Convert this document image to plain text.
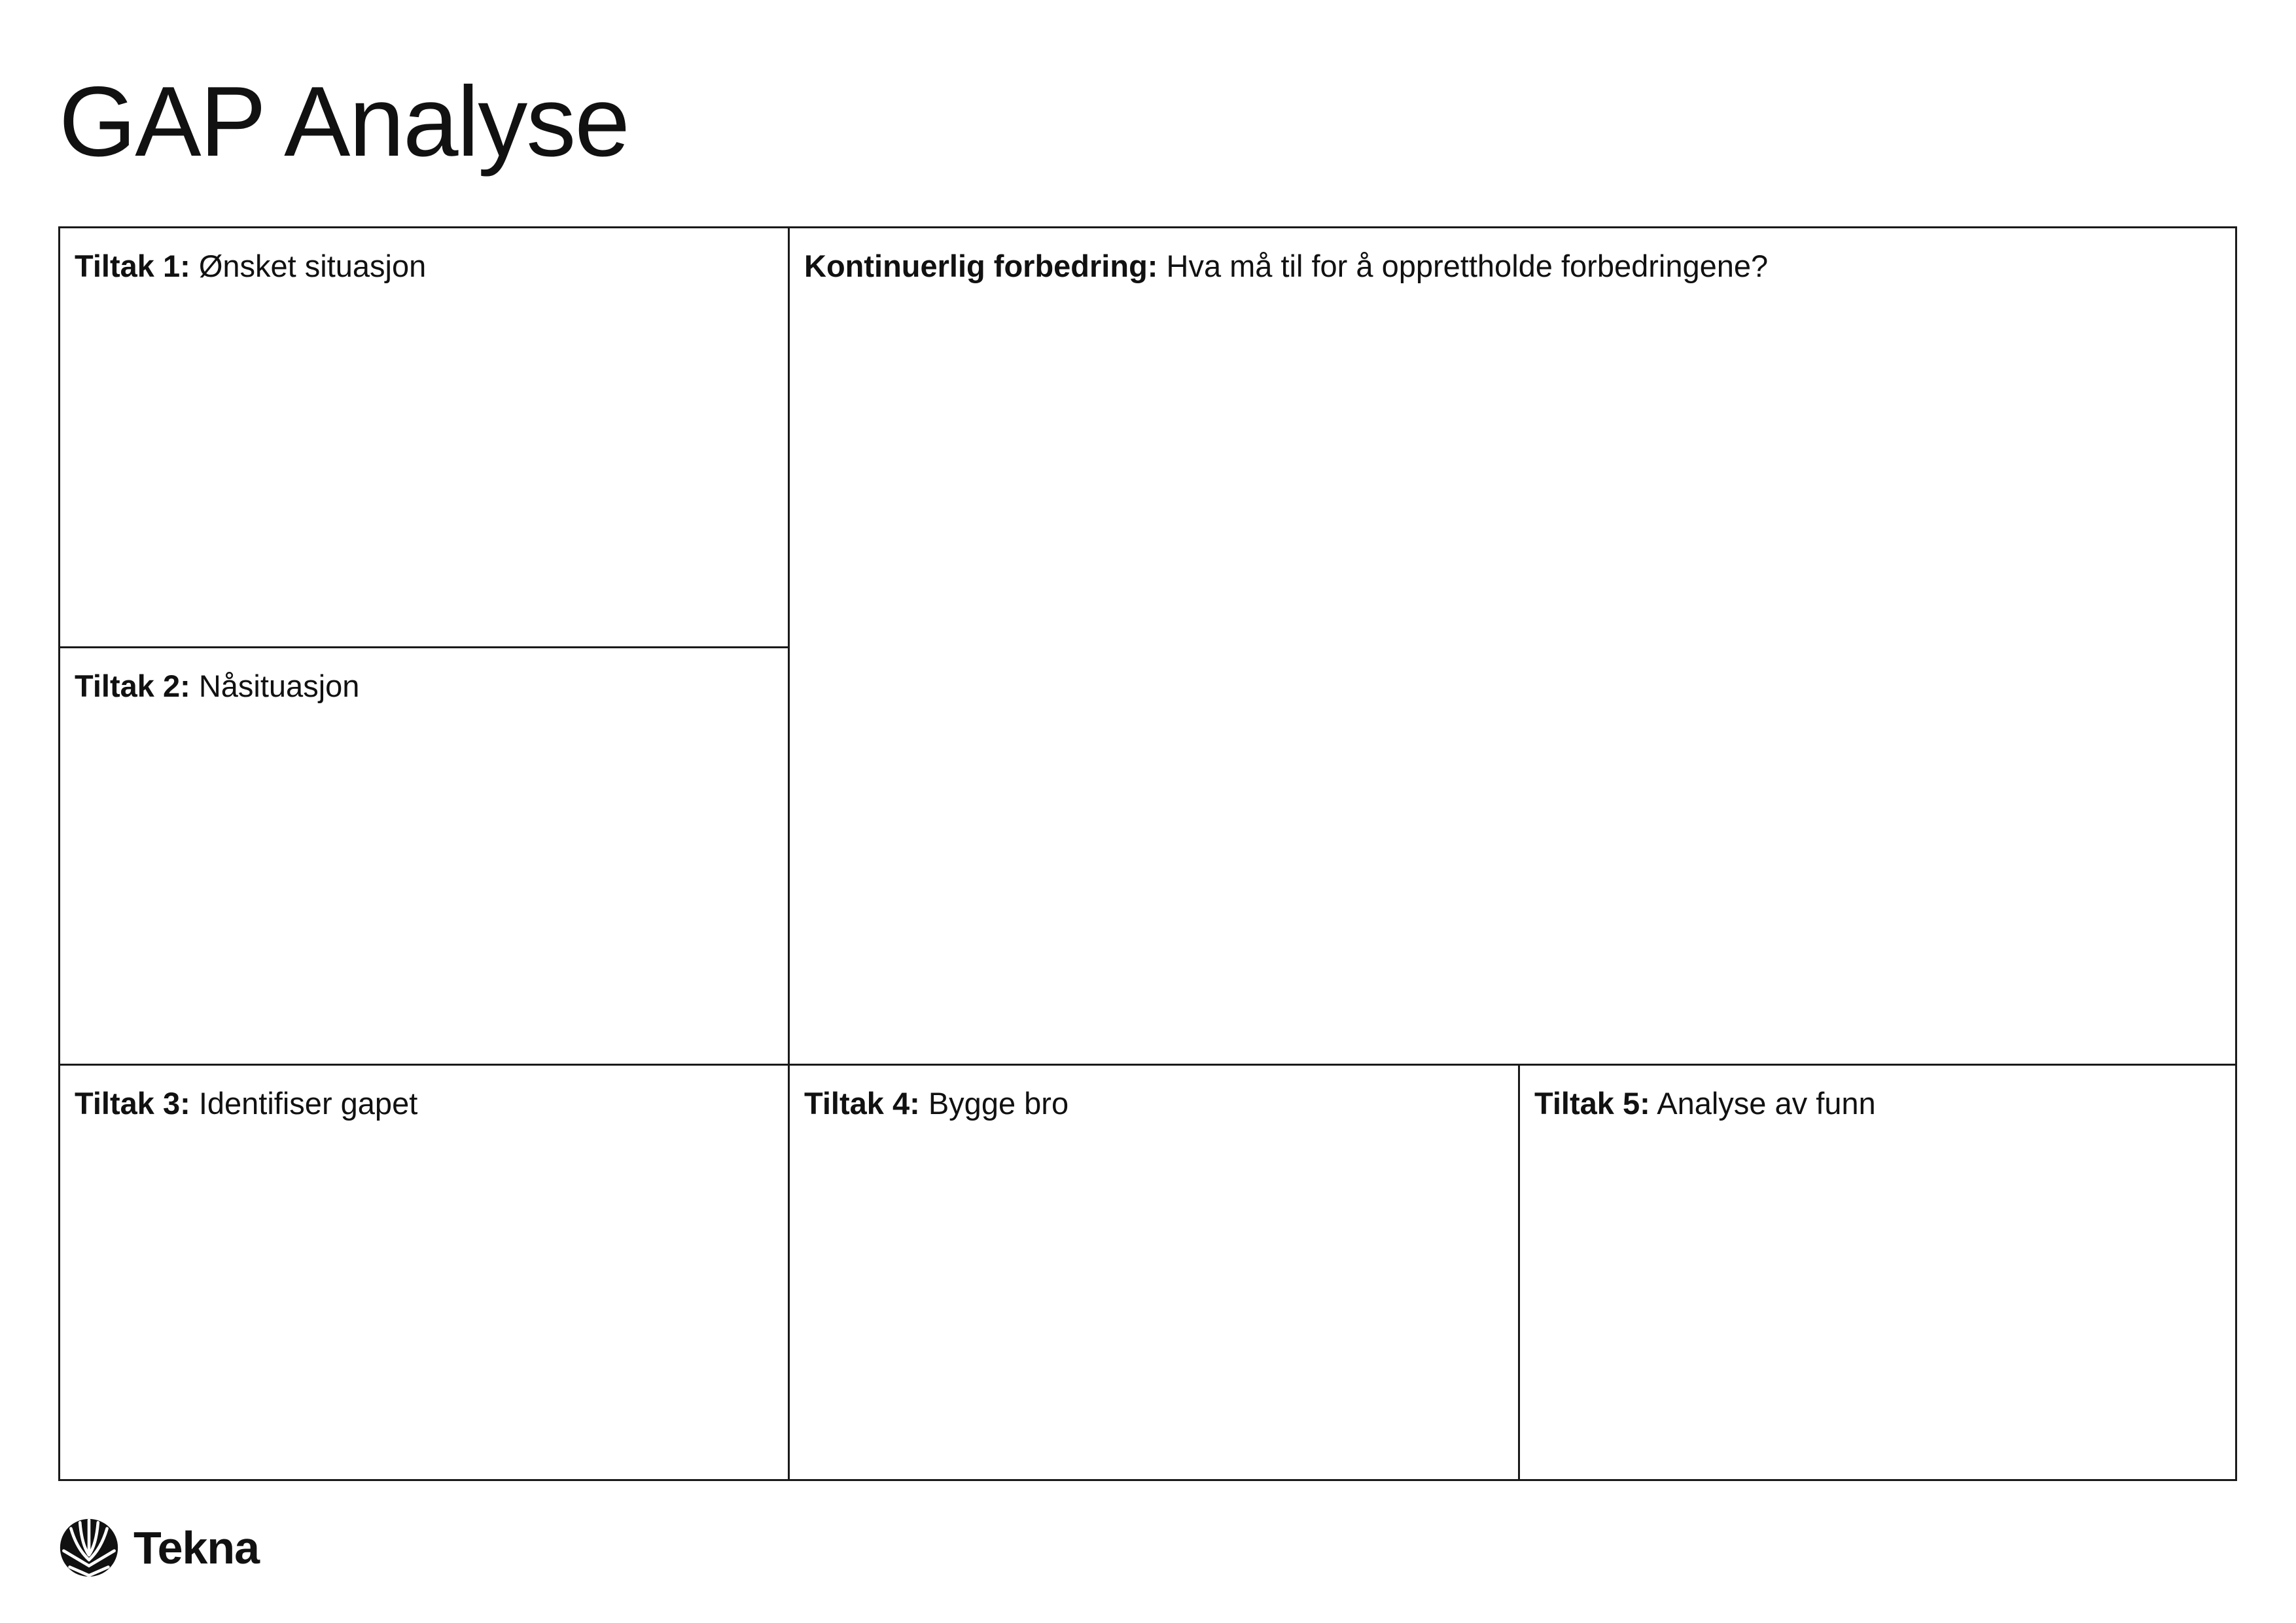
GAP Analyse
Tiltak 1: Ønsket situasjon
Tiltak 2: Nåsituasjon
Kontinuerlig forbedring: Hva må til for å opprettholde forbedringene?
Tiltak 3: Identifiser gapet	Tiltak 4: Bygge bro	Tiltak 5: Analyse av funn
Tekna
